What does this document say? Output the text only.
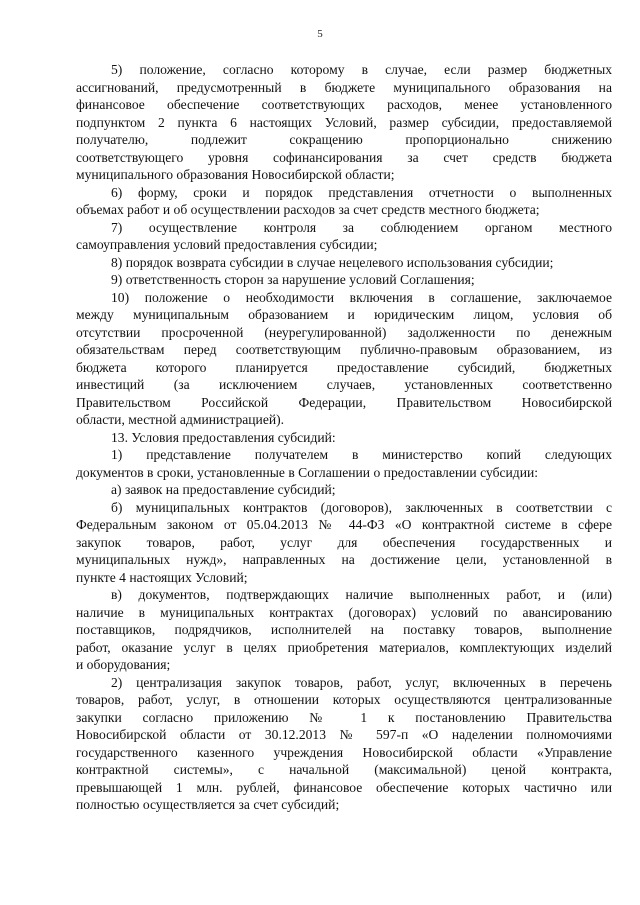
5
5) положение, согласно которому в случае, если размер бюджетных
ассигнований, предусмотренный в бюджете муниципального образования на
финансовое обеспечение соответствующих расходов, менее установленного
подпунктом 2 пункта 6 настоящих Условий, размер субсидии, предоставляемой
получателю, подлежит сокращению пропорционально снижению
соответствующего уровня софинансирования за счет средств бюджета
муниципального образования Новосибирской области;
6) форму, сроки и порядок представления отчетности о выполненных
объемах работ и об осуществлении расходов за счет средств местного бюджета;
7) осуществление контроля за соблюдением органом местного
самоуправления условий предоставления субсидии;
8) порядок возврата субсидии в случае нецелевого использования субсидии;
9) ответственность сторон за нарушение условий Соглашения;
10) положение о необходимости включения в соглашение, заключаемое
между муниципальным образованием и юридическим лицом, условия об
отсутствии просроченной (неурегулированной) задолженности по денежным
обязательствам перед соответствующим публично-правовым образованием, из
бюджета которого планируется предоставление субсидий, бюджетных
инвестиций (за исключением случаев, установленных соответственно
Правительством Российской Федерации, Правительством Новосибирской
области, местной администрацией).
13. Условия предоставления субсидий:
1) представление получателем в министерство копий следующих
документов в сроки, установленные в Соглашении о предоставлении субсидии:
а) заявок на предоставление субсидий;
б) муниципальных контрактов (договоров), заключенных в соответствии с
Федеральным законом от 05.04.2013 № 44-ФЗ «О контрактной системе в сфере
закупок товаров, работ, услуг для обеспечения государственных и
муниципальных нужд», направленных на достижение цели, установленной в
пункте 4 настоящих Условий;
в) документов, подтверждающих наличие выполненных работ, и (или)
наличие в муниципальных контрактах (договорах) условий по авансированию
поставщиков, подрядчиков, исполнителей на поставку товаров, выполнение
работ, оказание услуг в целях приобретения материалов, комплектующих изделий
и оборудования;
2) централизация закупок товаров, работ, услуг, включенных в перечень
товаров, работ, услуг, в отношении которых осуществляются централизованные
закупки согласно приложению № 1 к постановлению Правительства
Новосибирской области от 30.12.2013 № 597-п «О наделении полномочиями
государственного казенного учреждения Новосибирской области «Управление
контрактной системы», с начальной (максимальной) ценой контракта,
превышающей 1 млн. рублей, финансовое обеспечение которых частично или
полностью осуществляется за счет субсидий;
